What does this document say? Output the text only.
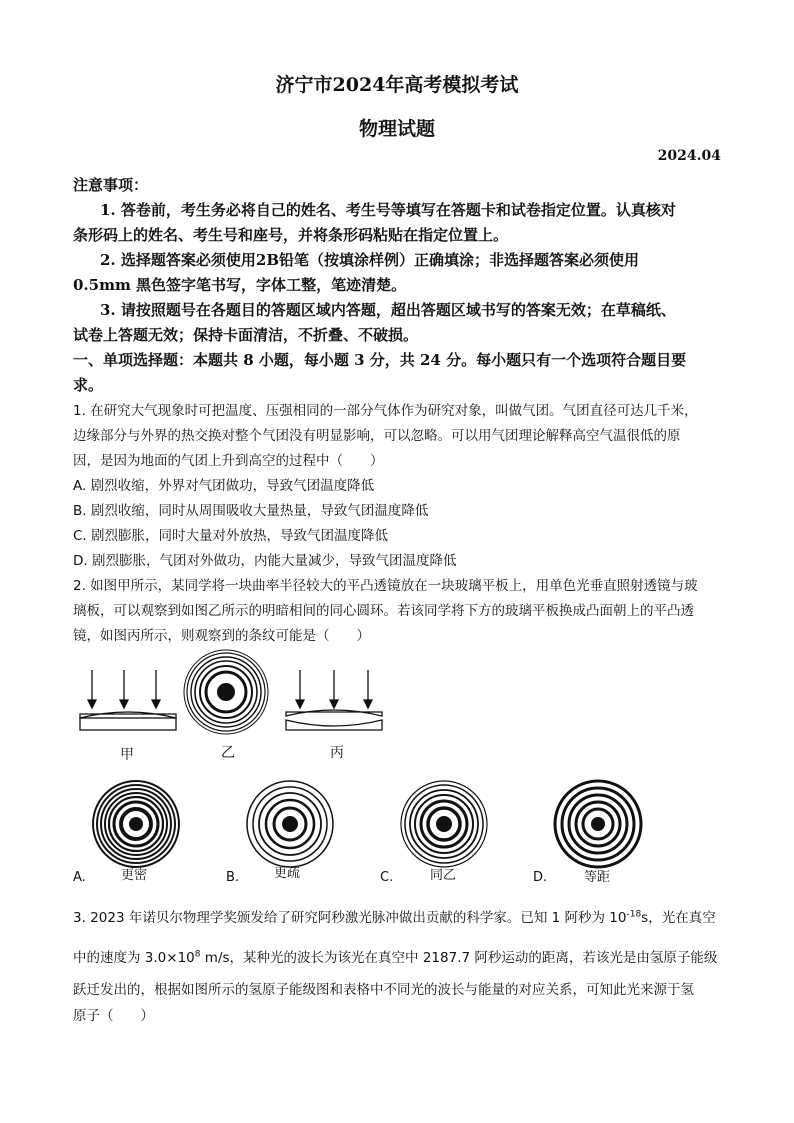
济宁市2024年高考模拟考试
物理试题
2024.04
注意事项：
1. 答卷前，考生务必将自己的姓名、考生号等填写在答题卡和试卷指定位置。认真核对
条形码上的姓名、考生号和座号，并将条形码粘贴在指定位置上。
2. 选择题答案必须使用2B铅笔（按填涂样例）正确填涂；非选择题答案必须使用
0.5mm 黑色签字笔书写，字体工整，笔迹清楚。
3. 请按照题号在各题目的答题区域内答题，超出答题区域书写的答案无效；在草稿纸、
试卷上答题无效；保持卡面清洁，不折叠、不破损。
一、单项选择题：本题共 8 小题，每小题 3 分，共 24 分。每小题只有一个选项符合题目要
求。
1. 在研究大气现象时可把温度、压强相同的一部分气体作为研究对象，叫做气团。气团直径可达几千米，
边缘部分与外界的热交换对整个气团没有明显影响，可以忽略。可以用气团理论解释高空气温很低的原
因，是因为地面的气团上升到高空的过程中（　　）
A. 剧烈收缩，外界对气团做功，导致气团温度降低
B. 剧烈收缩，同时从周围吸收大量热量，导致气团温度降低
C. 剧烈膨胀，同时大量对外放热，导致气团温度降低
D. 剧烈膨胀，气团对外做功，内能大量减少，导致气团温度降低
2. 如图甲所示，某同学将一块曲率半径较大的平凸透镜放在一块玻璃平板上，用单色光垂直照射透镜与玻
璃板，可以观察到如图乙所示的明暗相间的同心圆环。若该同学将下方的玻璃平板换成凸面朝上的平凸透
镜，如图丙所示，则观察到的条纹可能是（　　）
甲	乙	丙
A.	更密	B.	更疏	C.	同乙	D.	等距
3. 2023 年诺贝尔物理学奖颁发给了研究阿秒激光脉冲做出贡献的科学家。已知 1 阿秒为 $10^{-18}s$，光在真空
中的速度为 $3.0\times 10^8$ m/s，某种光的波长为该光在真空中 2187.7 阿秒运动的距离，若该光是由氢原子能级
跃迁发出的，根据如图所示的氢原子能级图和表格中不同光的波长与能量的对应关系，可知此光来源于氢
原子（　　）
